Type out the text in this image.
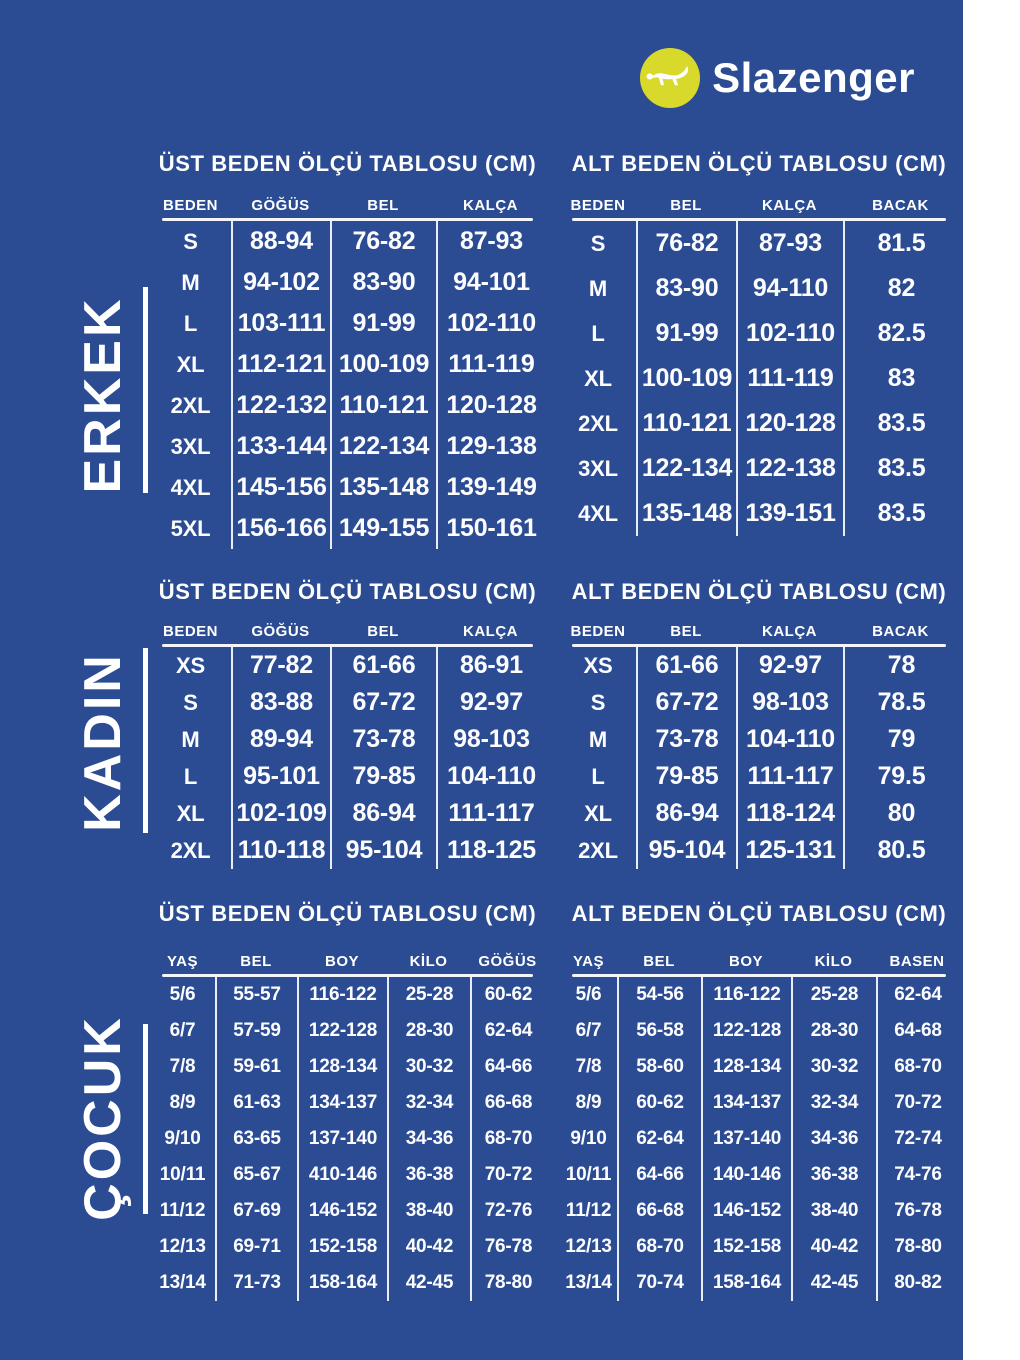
Slazenger
ERKEK
ÜST BEDEN ÖLÇÜ TABLOSU (CM)
BEDEN	GÖĞÜS	BEL	KALÇA
S	88-94	76-82	87-93
M	94-102	83-90	94-101
L	103-111	91-99	102-110
XL	112-121 100-109 111-119
2XL	122-132 110-121 120-128
3XL	133-144 122-134 129-138
4XL	145-156 135-148 139-149
5XL	156-166 149-155 150-161
ALT BEDEN ÖLÇÜ TABLOSU (CM)
BEDEN	BEL	KALÇA	BACAK
S	76-82	87-93	81.5
M	83-90	94-110	82
L	91-99	102-110	82.5
XL	100-109 111-119	83
2XL 110-121 120-128	83.5
3XL 122-134 122-138	83.5
4XL 135-148 139-151	83.5
KADIN
ÜST BEDEN ÖLÇÜ TABLOSU (CM)
BEDEN	GÖĞÜS	BEL	KALÇA
XS	77-82	61-66	86-91
S	83-88	67-72	92-97
M	89-94	73-78	98-103
L	95-101	79-85	104-110
XL	102-109	86-94	111-117
2XL	110-118 95-104 118-125
ALT BEDEN ÖLÇÜ TABLOSU (CM)
BEDEN	BEL	KALÇA	BACAK
XS	61-66	92-97	78
S	67-72	98-103	78.5
M	73-78	104-110	79
L	79-85	111-117	79.5
XL	86-94	118-124	80
2XL	95-104 125-131	80.5
ÇOCUK
ÜST BEDEN ÖLÇÜ TABLOSU (CM)
YAŞ	BEL	BOY	KİLO	GÖĞÜS
5/6	55-57	116-122	25-28	60-62
6/7	57-59	122-128	28-30	62-64
7/8	59-61	128-134	30-32	64-66
8/9	61-63	134-137	32-34	66-68
9/10	63-65	137-140	34-36	68-70
10/11	65-67	410-146	36-38	70-72
11/12	67-69	146-152	38-40	72-76
12/13	69-71	152-158	40-42	76-78
13/14	71-73	158-164	42-45	78-80
ALT BEDEN ÖLÇÜ TABLOSU (CM)
YAŞ	BEL	BOY	KİLO	BASEN
5/6	54-56	116-122	25-28	62-64
6/7	56-58	122-128	28-30	64-68
7/8	58-60	128-134	30-32	68-70
8/9	60-62	134-137	32-34	70-72
9/10	62-64	137-140	34-36	72-74
10/11	64-66	140-146	36-38	74-76
11/12	66-68	146-152	38-40	76-78
12/13	68-70	152-158	40-42	78-80
13/14	70-74	158-164	42-45	80-82
